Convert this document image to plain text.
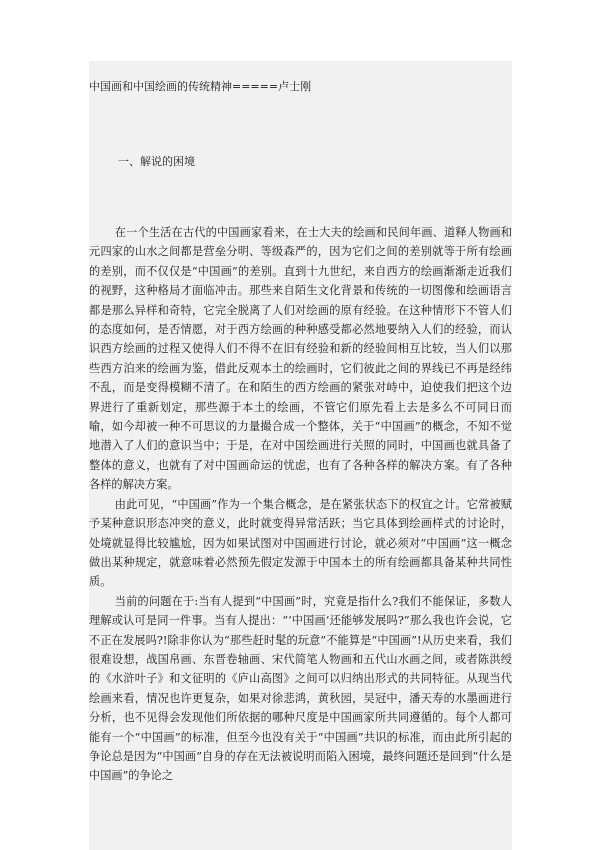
中国画和中国绘画的传统精神=====卢士刚
一、解说的困境

在一个生活在古代的中国画家看来，在士大夫的绘画和民间年画、道释人物画和元四家的山水之间都是营垒分明、等级森严的，因为它们之间的差别就等于所有绘画的差别，而不仅仅是“中国画”的差别。直到十九世纪，来自西方的绘画渐渐走近我们的视野，这种格局才面临冲击。那些来自陌生文化背景和传统的一切图像和绘画语言都是那么异样和奇特，它完全脱离了人们对绘画的原有经验。在这种情形下不管人们的态度如何，是否情愿，对于西方绘画的种种感受都必然地要纳入人们的经验，而认识西方绘画的过程又使得人们不得不在旧有经验和新的经验间相互比较，当人们以那些西方泊来的绘画为鉴，借此反观本土的绘画时，它们彼此之间的界线已不再是经纬不乱，而是变得模糊不清了。在和陌生的西方绘画的紧张对峙中，迫使我们把这个边界进行了重新划定，那些源于本土的绘画，不管它们原先看上去是多么不可同日而喻，如今却被一种不可思议的力量撮合成一个整体，关于“中国画”的概念，不知不觉地潜入了人们的意识当中；于是，在对中国绘画进行关照的同时，中国画也就具备了整体的意义，也就有了对中国画命运的忧虑，也有了各种各样的解决方案。有了各种各样的解决方案。

由此可见，“中国画”作为一个集合概念，是在紧张状态下的权宜之计。它常被赋予某种意识形态冲突的意义，此时就变得异常活跃；当它具体到绘画样式的讨论时，处境就显得比较尴尬，因为如果试图对中国画进行讨论，就必须对“中国画”这一概念做出某种规定，就意味着必然预先假定发源于中国本土的所有绘画都具备某种共同性质。

当前的问题在于:当有人提到“中国画”时，究竟是指什么?我们不能保证，多数人理解或认可是同一件事。当有人提出：“‘中国画’还能够发展吗?”那么我也许会说，它不正在发展吗?!除非你认为“那些赶时髦的玩意”不能算是“中国画”!从历史来看，我们很难设想，战国帛画、东晋卷轴画、宋代简笔人物画和五代山水画之间，或者陈洪绶的《水浒叶子》和文征明的《庐山高图》之间可以归纳出形式的共同特征。从现当代绘画来看，情况也许更复杂，如果对徐悲鸿，黄秋园，吴冠中，潘天寿的水墨画进行分析，也不见得会发现他们所依据的哪种尺度是中国画家所共同遵循的。每个人都可能有一个“中国画”的标准，但至今也没有关于“中国画”共识的标准，而由此所引起的争论总是因为“中国画”自身的存在无法被说明而陷入困境，最终问题还是回到“什么是中国画”的争论之
